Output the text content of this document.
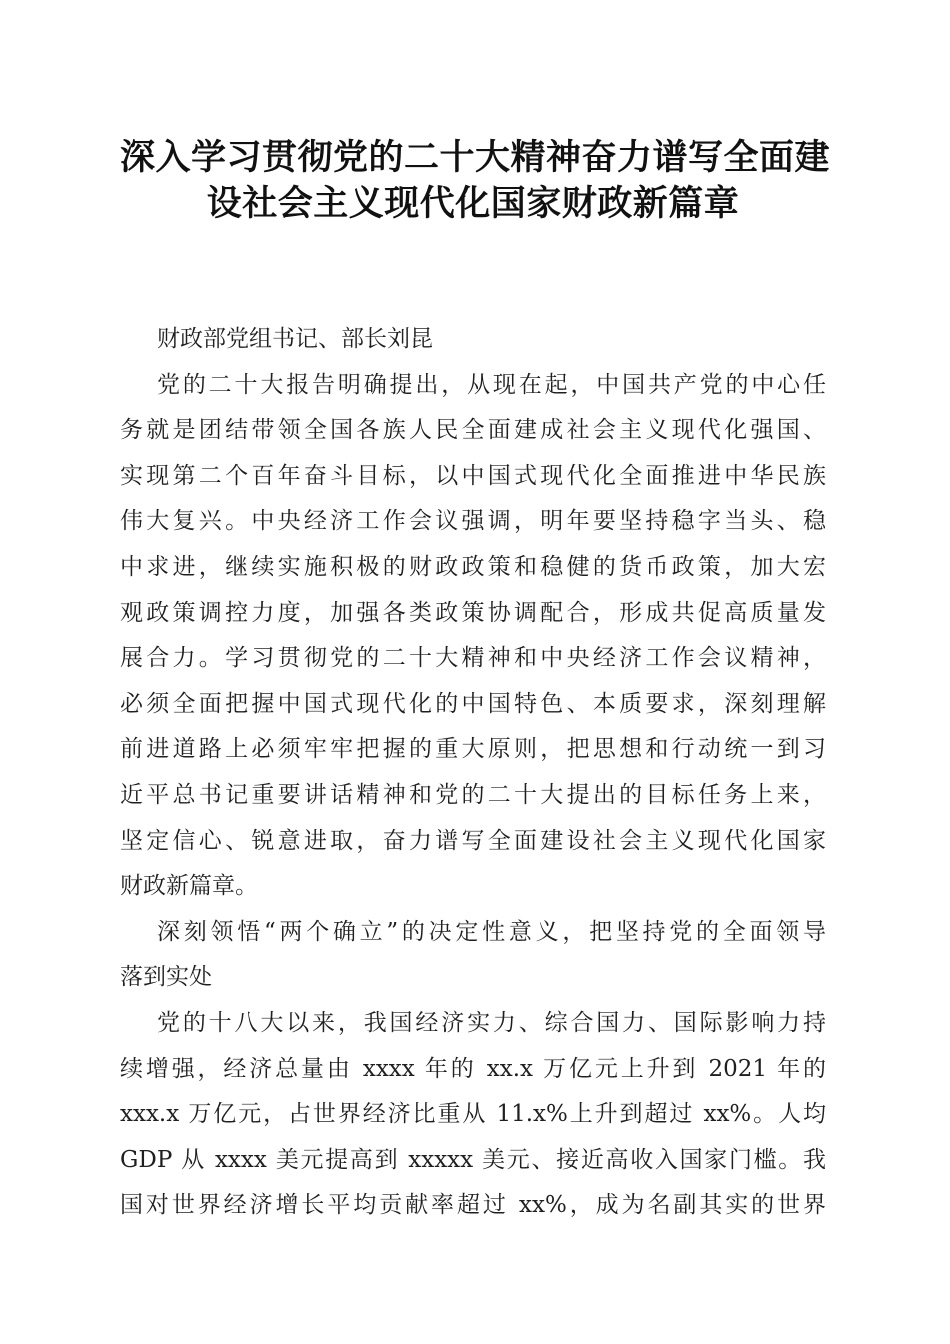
深入学习贯彻党的二十大精神奋力谱写全面建
设社会主义现代化国家财政新篇章
财政部党组书记、部长刘昆
党的二十大报告明确提出，从现在起，中国共产党的中心任
务就是团结带领全国各族人民全面建成社会主义现代化强国、
实现第二个百年奋斗目标，以中国式现代化全面推进中华民族
伟大复兴。中央经济工作会议强调，明年要坚持稳字当头、稳
中求进，继续实施积极的财政政策和稳健的货币政策，加大宏
观政策调控力度，加强各类政策协调配合，形成共促高质量发
展合力。学习贯彻党的二十大精神和中央经济工作会议精神，
必须全面把握中国式现代化的中国特色、本质要求，深刻理解
前进道路上必须牢牢把握的重大原则，把思想和行动统一到习
近平总书记重要讲话精神和党的二十大提出的目标任务上来，
坚定信心、锐意进取，奋力谱写全面建设社会主义现代化国家
财政新篇章。
深刻领悟“两个确立”的决定性意义，把坚持党的全面领导
落到实处
党的十八大以来，我国经济实力、综合国力、国际影响力持
续增强，经济总量由 xxxx 年的 xx.x 万亿元上升到 2021 年的
xxx.x 万亿元，占世界经济比重从 11.x%上升到超过 xx%。人均
GDP 从 xxxx 美元提高到 xxxxx 美元、接近高收入国家门槛。我
国对世界经济增长平均贡献率超过 xx%，成为名副其实的世界
